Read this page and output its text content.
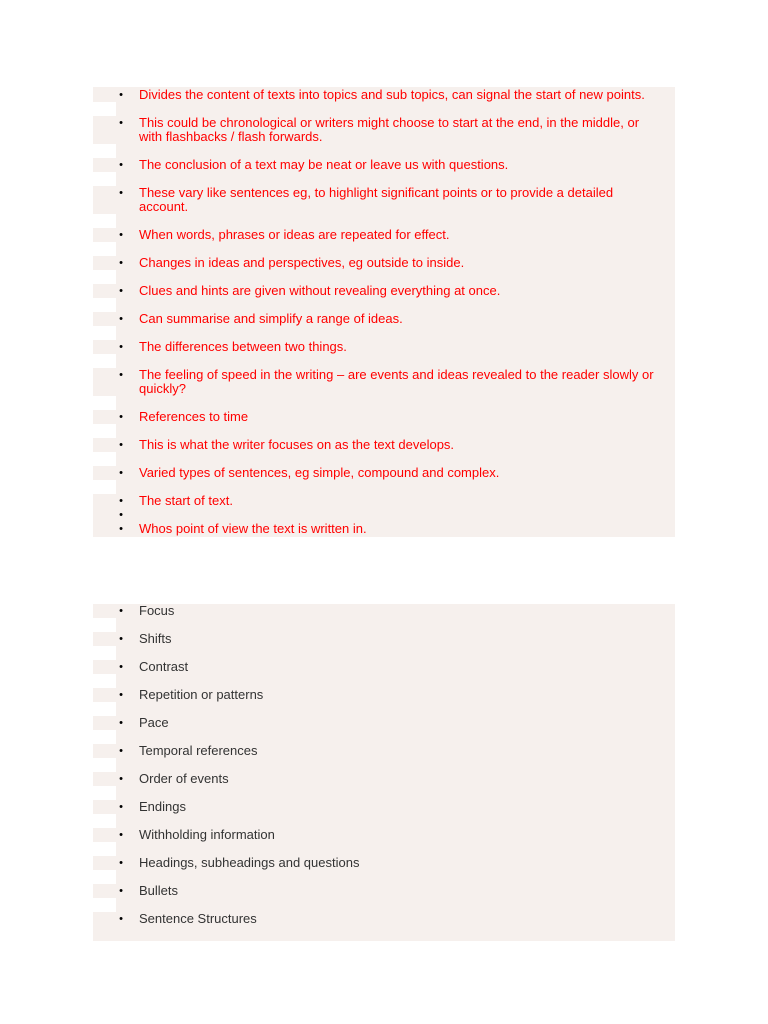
• Divides the content of texts into topics and sub topics, can signal the start of new points.
• This could be chronological or writers might choose to start at the end, in the middle, or with flashbacks / flash forwards.
• The conclusion of a text may be neat or leave us with questions.
• These vary like sentences eg, to highlight significant points or to provide a detailed account.
• When words, phrases or ideas are repeated for effect.
• Changes in ideas and perspectives, eg outside to inside.
• Clues and hints are given without revealing everything at once.
• Can summarise and simplify a range of ideas.
• The differences between two things.
• The feeling of speed in the writing – are events and ideas revealed to the reader slowly or quickly?
• References to time
• This is what the writer focuses on as the text develops.
• Varied types of sentences, eg simple, compound and complex.
• The start of text.
•

• Whos point of view the text is written in.
• Focus
• Shifts
• Contrast
• Repetition or patterns
• Pace
• Temporal references
• Order of events
• Endings
• Withholding information
• Headings, subheadings and questions
• Bullets
• Sentence Structures
